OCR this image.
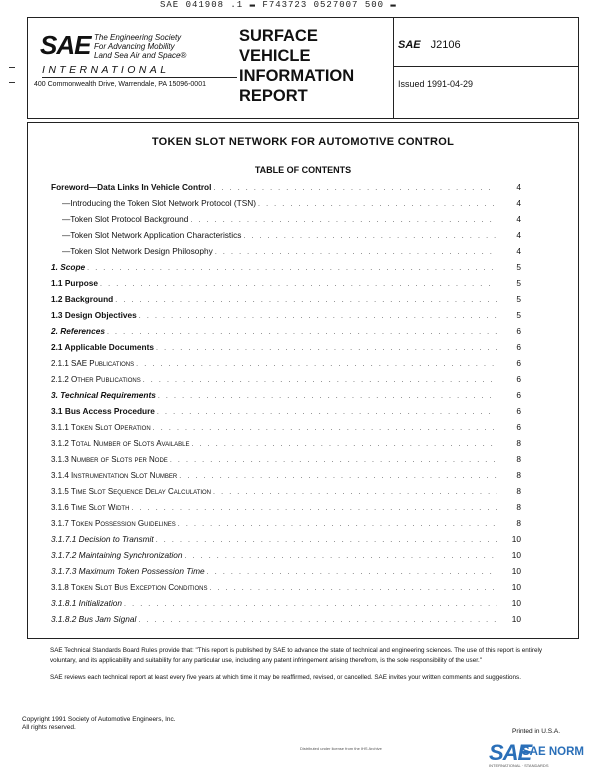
SAE 041908 .1 ▬ F743723 0527007 500 ▬
SAE The Engineering Society
For Advancing Mobility
Land Sea Air and Space®
INTERNATIONAL
400 Commonwealth Drive, Warrendale, PA 15096-0001
SURFACE
VEHICLE
INFORMATION
REPORT
SAE J2106
Issued 1991-04-29
TOKEN SLOT NETWORK FOR AUTOMOTIVE CONTROL
TABLE OF CONTENTS
Foreword—Data Links In Vehicle Control . . .	4
—Introducing the Token Slot Network Protocol (TSN) . . .	4
—Token Slot Protocol Background . . .	4
—Token Slot Network Application Characteristics . . .	4
—Token Slot Network Design Philosophy . . .	4
1. Scope . . .	5
1.1 Purpose . . .	5
1.2 Background . . .	5
1.3 Design Objectives . . .	5
2. References . . .	6
2.1 Applicable Documents . . .	6
2.1.1 SAE Publications . . .	6
2.1.2 Other Publications . . .	6
3. Technical Requirements . . .	6
3.1 Bus Access Procedure . . .	6
3.1.1 Token Slot Operation . . .	6
3.1.2 Total Number of Slots Available . . .	8
3.1.3 Number of Slots per Node . . .	8
3.1.4 Instrumentation Slot Number . . .	8
3.1.5 Time Slot Sequence Delay Calculation . . .	8
3.1.6 Time Slot Width . . .	8
3.1.7 Token Possession Guidelines . . .	8
3.1.7.1 Decision to Transmit . . .	10
3.1.7.2 Maintaining Synchronization . . .	10
3.1.7.3 Maximum Token Possession Time . . .	10
3.1.8 Token Slot Bus Exception Conditions . . .	10
3.1.8.1 Initialization . . .	10
3.1.8.2 Bus Jam Signal . . .	10

SAE Technical Standards Board Rules provide that: "This report is published by SAE to advance the state of technical and engineering sciences. The use of this report is entirely voluntary, and its applicability and suitability for any particular use, including any patent infringement arising therefrom, is the sole responsibility of the user."

SAE reviews each technical report at least every five years at which time it may be reaffirmed, revised, or cancelled. SAE invites your written comments and suggestions.

Copyright 1991 Society of Automotive Engineers, Inc.
All rights reserved.
Printed in U.S.A.
Distributed under license from the IHS Archive	SAE
SAE NORM
INTERNATIONAL · STANDARDS
